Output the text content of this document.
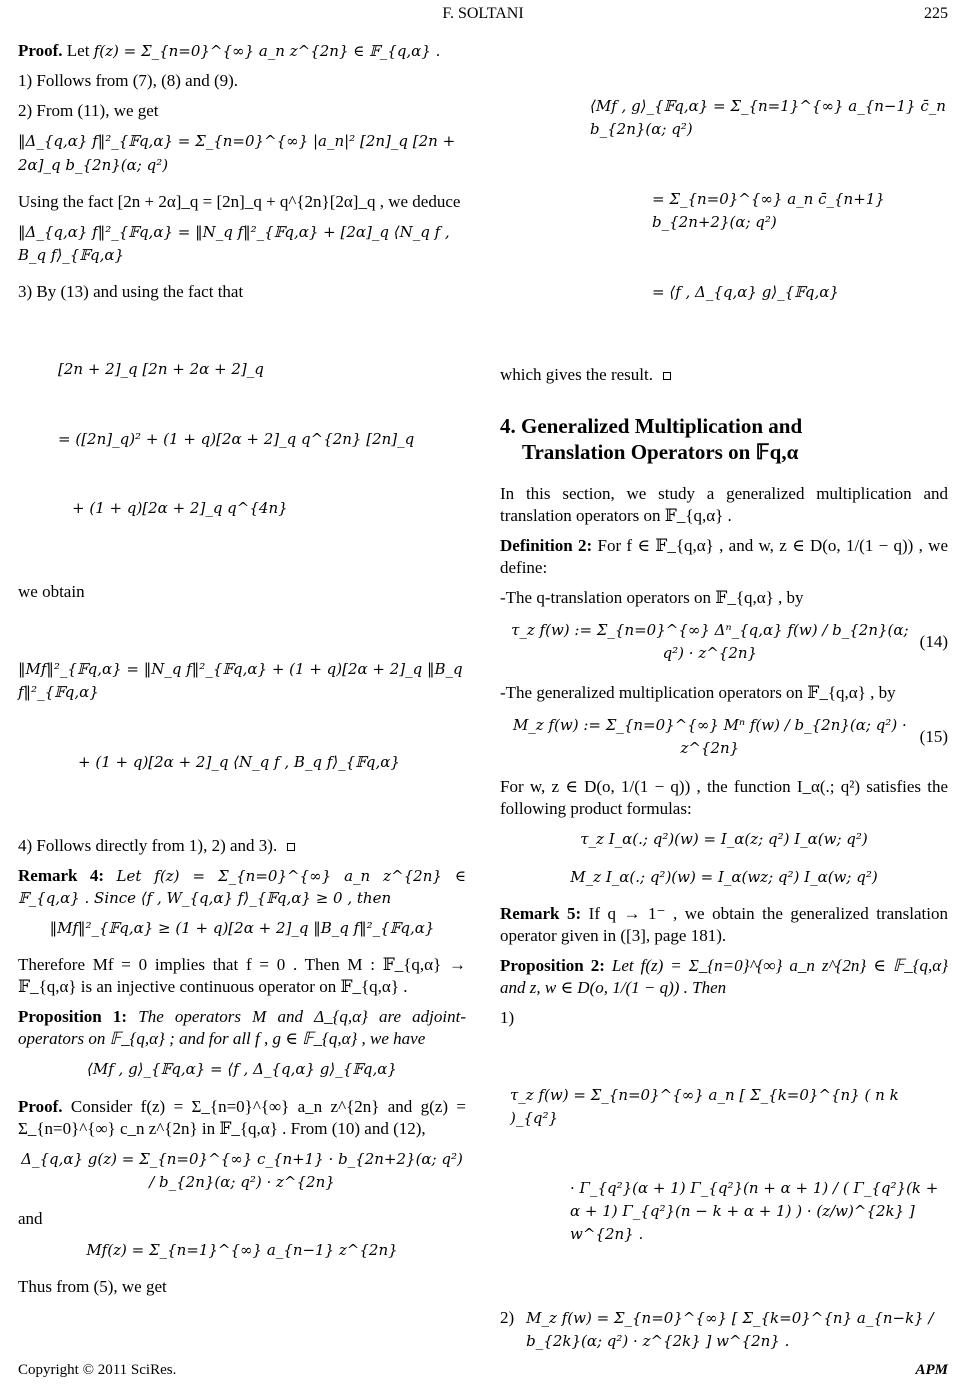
F. SOLTANI	225

Proof. Let f(z) = Σ_{n=0}^{∞} a_n z^{2n} ∈ 𝔽_{q,α} .

1) Follows from (7), (8) and (9).

2) From (11), we get

‖Δ_{q,α} f‖²_{𝔽q,α} = Σ_{n=0}^{∞} |a_n|² [2n]_q [2n + 2α]_q b_{2n}(α; q²)

Using the fact [2n + 2α]_q = [2n]_q + q^{2n}[2α]_q , we deduce

‖Δ_{q,α} f‖²_{𝔽q,α} = ‖N_q f‖²_{𝔽q,α} + [2α]_q ⟨N_q f , B_q f⟩_{𝔽q,α}

3) By (13) and using the fact that

[2n + 2]_q [2n + 2α + 2]_q

= ([2n]_q)² + (1 + q)[2α + 2]_q q^{2n} [2n]_q

+ (1 + q)[2α + 2]_q q^{4n}

we obtain

‖Mf‖²_{𝔽q,α} = ‖N_q f‖²_{𝔽q,α} + (1 + q)[2α + 2]_q ‖B_q f‖²_{𝔽q,α}

+ (1 + q)[2α + 2]_q ⟨N_q f , B_q f⟩_{𝔽q,α}

4) Follows directly from 1), 2) and 3).

Remark 4: Let f(z) = Σ_{n=0}^{∞} a_n z^{2n} ∈ 𝔽_{q,α} . Since ⟨f , W_{q,α} f⟩_{𝔽q,α} ≥ 0 , then

‖Mf‖²_{𝔽q,α} ≥ (1 + q)[2α + 2]_q ‖B_q f‖²_{𝔽q,α}

Therefore Mf = 0 implies that f = 0 . Then M : 𝔽_{q,α} → 𝔽_{q,α} is an injective continuous operator on 𝔽_{q,α} .

Proposition 1: The operators M and Δ_{q,α} are adjoint-operators on 𝔽_{q,α} ; and for all f , g ∈ 𝔽_{q,α} , we have

⟨Mf , g⟩_{𝔽q,α} = ⟨f , Δ_{q,α} g⟩_{𝔽q,α}

Proof. Consider f(z) = Σ_{n=0}^{∞} a_n z^{2n} and g(z) = Σ_{n=0}^{∞} c_n z^{2n} in 𝔽_{q,α} . From (10) and (12),

Δ_{q,α} g(z) = Σ_{n=0}^{∞} c_{n+1} · b_{2n+2}(α; q²) / b_{2n}(α; q²) · z^{2n}

and

Mf(z) = Σ_{n=1}^{∞} a_{n−1} z^{2n}

Thus from (5), we get

⟨Mf , g⟩_{𝔽q,α} = Σ_{n=1}^{∞} a_{n−1} c̄_n b_{2n}(α; q²)

= Σ_{n=0}^{∞} a_n c̄_{n+1} b_{2n+2}(α; q²)

= ⟨f , Δ_{q,α} g⟩_{𝔽q,α}

which gives the result.

4. Generalized Multiplication and
Translation Operators on 𝔽q,α

In this section, we study a generalized multiplication and translation operators on 𝔽_{q,α} .

Definition 2: For f ∈ 𝔽_{q,α} , and w, z ∈ D(o, 1/(1 − q)) , we define:

-The q-translation operators on 𝔽_{q,α} , by

τ_z f(w) := Σ_{n=0}^{∞} Δⁿ_{q,α} f(w) / b_{2n}(α; q²) · z^{2n}
(14)

-The generalized multiplication operators on 𝔽_{q,α} , by

M_z f(w) := Σ_{n=0}^{∞} Mⁿ f(w) / b_{2n}(α; q²) · z^{2n}
(15)

For w, z ∈ D(o, 1/(1 − q)) , the function I_α(.; q²) satisfies the following product formulas:

τ_z I_α(.; q²)(w) = I_α(z; q²) I_α(w; q²)
M_z I_α(.; q²)(w) = I_α(wz; q²) I_α(w; q²)

Remark 5: If q → 1⁻ , we obtain the generalized translation operator given in ([3], page 181).

Proposition 2: Let f(z) = Σ_{n=0}^{∞} a_n z^{2n} ∈ 𝔽_{q,α} and z, w ∈ D(o, 1/(1 − q)) . Then

1)

τ_z f(w) = Σ_{n=0}^{∞} a_n [ Σ_{k=0}^{n} ( n k )_{q²}

· Γ_{q²}(α + 1) Γ_{q²}(n + α + 1) / ( Γ_{q²}(k + α + 1) Γ_{q²}(n − k + α + 1) ) · (z/w)^{2k} ] w^{2n} .

2) M_z f(w) = Σ_{n=0}^{∞} [ Σ_{k=0}^{n} a_{n−k} / b_{2k}(α; q²) · z^{2k} ] w^{2n} .
Copyright © 2011 SciRes.	APM
